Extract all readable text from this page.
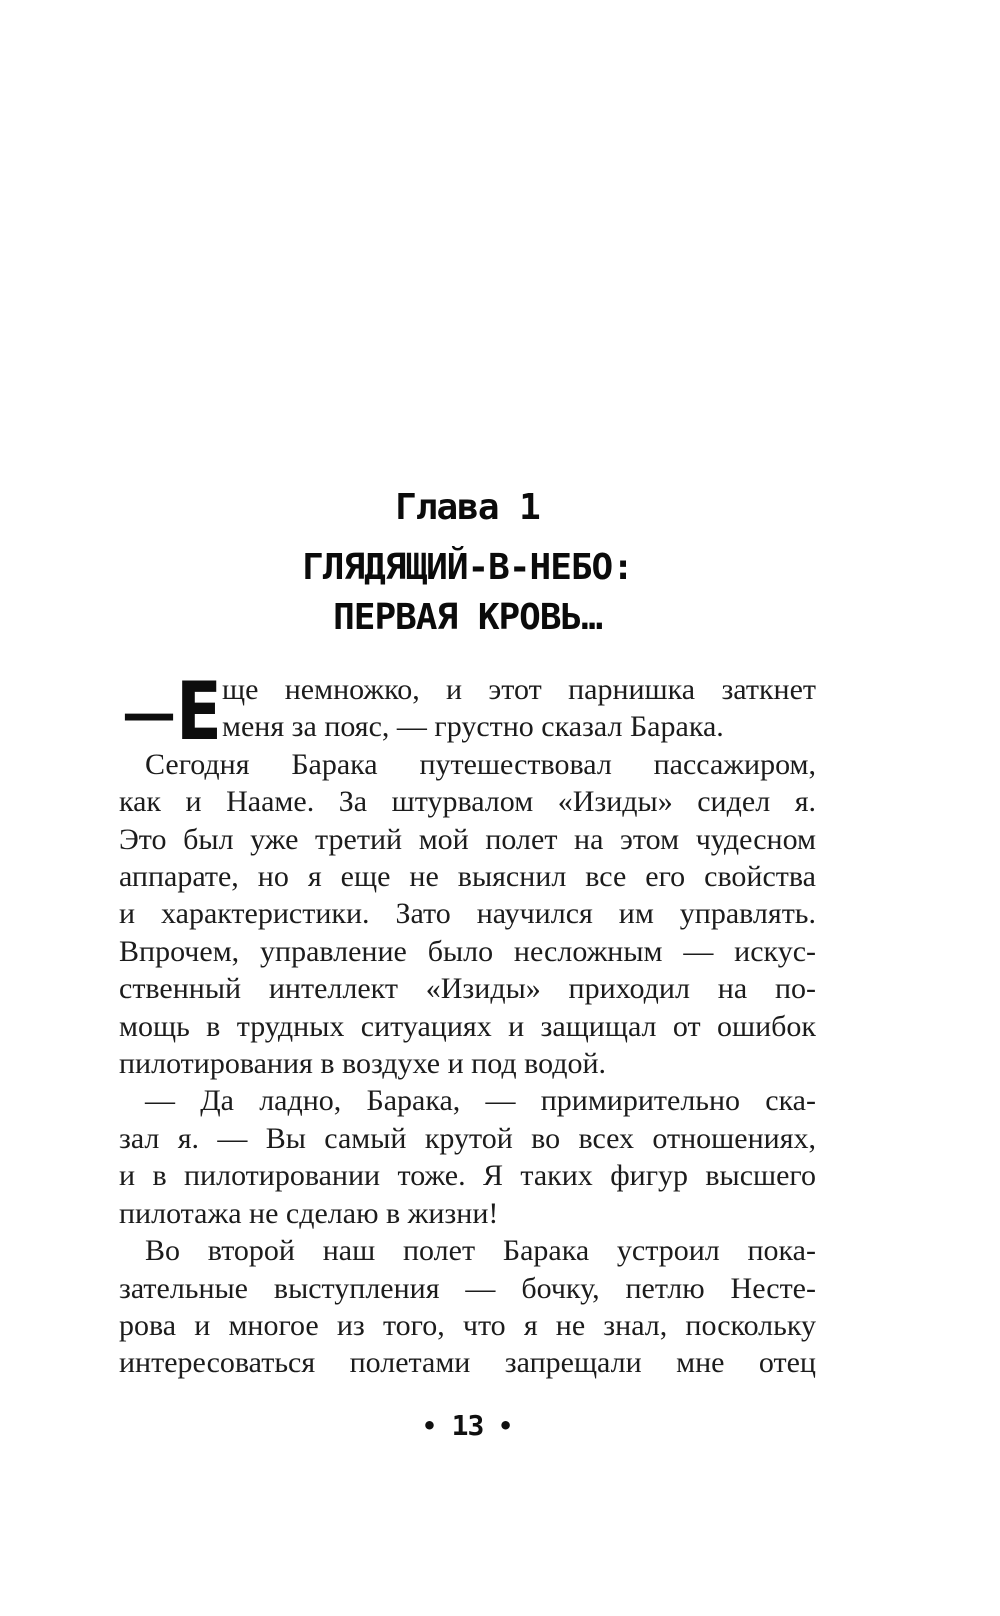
Глава 1
ГЛЯДЯЩИЙ-В-НЕБО:
ПЕРВАЯ КРОВЬ…
— Е ще немножко, и этот парнишка заткнет
меня за пояс, — грустно сказал Барака.
Сегодня Барака путешествовал пассажиром,
как и Нааме. За штурвалом «Изиды» сидел я.
Это был уже третий мой полет на этом чудесном
аппарате, но я еще не выяснил все его свойства
и характеристики. Зато научился им управлять.
Впрочем, управление было несложным — искус-
ственный интеллект «Изиды» приходил на по-
мощь в трудных ситуациях и защищал от ошибок
пилотирования в воздухе и под водой.
— Да ладно, Барака, — примирительно ска-
зал я. — Вы самый крутой во всех отношениях,
и в пилотировании тоже. Я таких фигур высшего
пилотажа не сделаю в жизни!
Во второй наш полет Барака устроил пока-
зательные выступления — бочку, петлю Несте-
рова и многое из того, что я не знал, поскольку
интересоваться полетами запрещали мне отец
• 13 •
